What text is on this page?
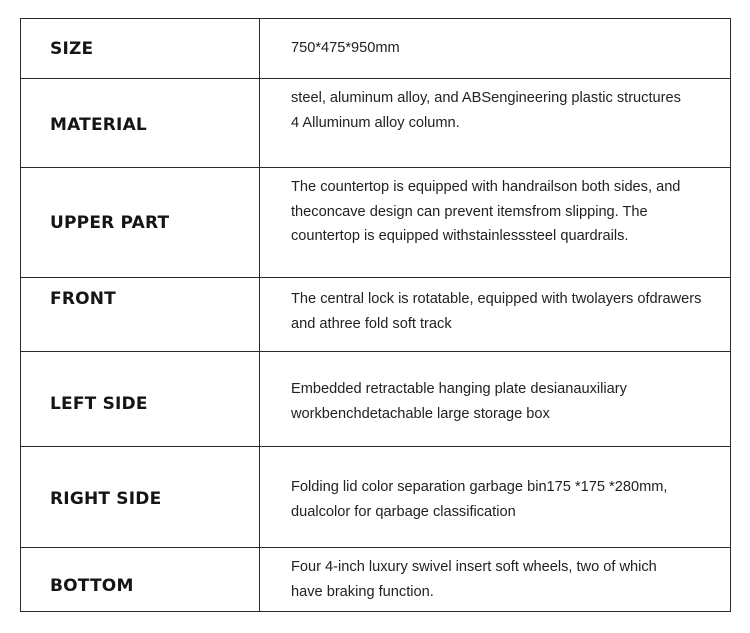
SIZE	750*475*950mm

MATERIAL	steel, aluminum alloy, and ABSengineering plastic structures
4 Alluminum alloy column.

UPPER PART	The countertop is equipped with handrailson both sides, and
theconcave design can prevent itemsfrom slipping. The
countertop is equipped withstainlesssteel quardrails.

FRONT	The central lock is rotatable, equipped with twolayers ofdrawers
and athree fold soft track

LEFT SIDE	Embedded retractable hanging plate desianauxiliary
workbenchdetachable large storage box

RIGHT SIDE	Folding lid color separation garbage bin175 *175 *280mm,
dualcolor for qarbage classification

BOTTOM	Four 4-inch luxury swivel insert soft wheels, two of which
have braking function.
